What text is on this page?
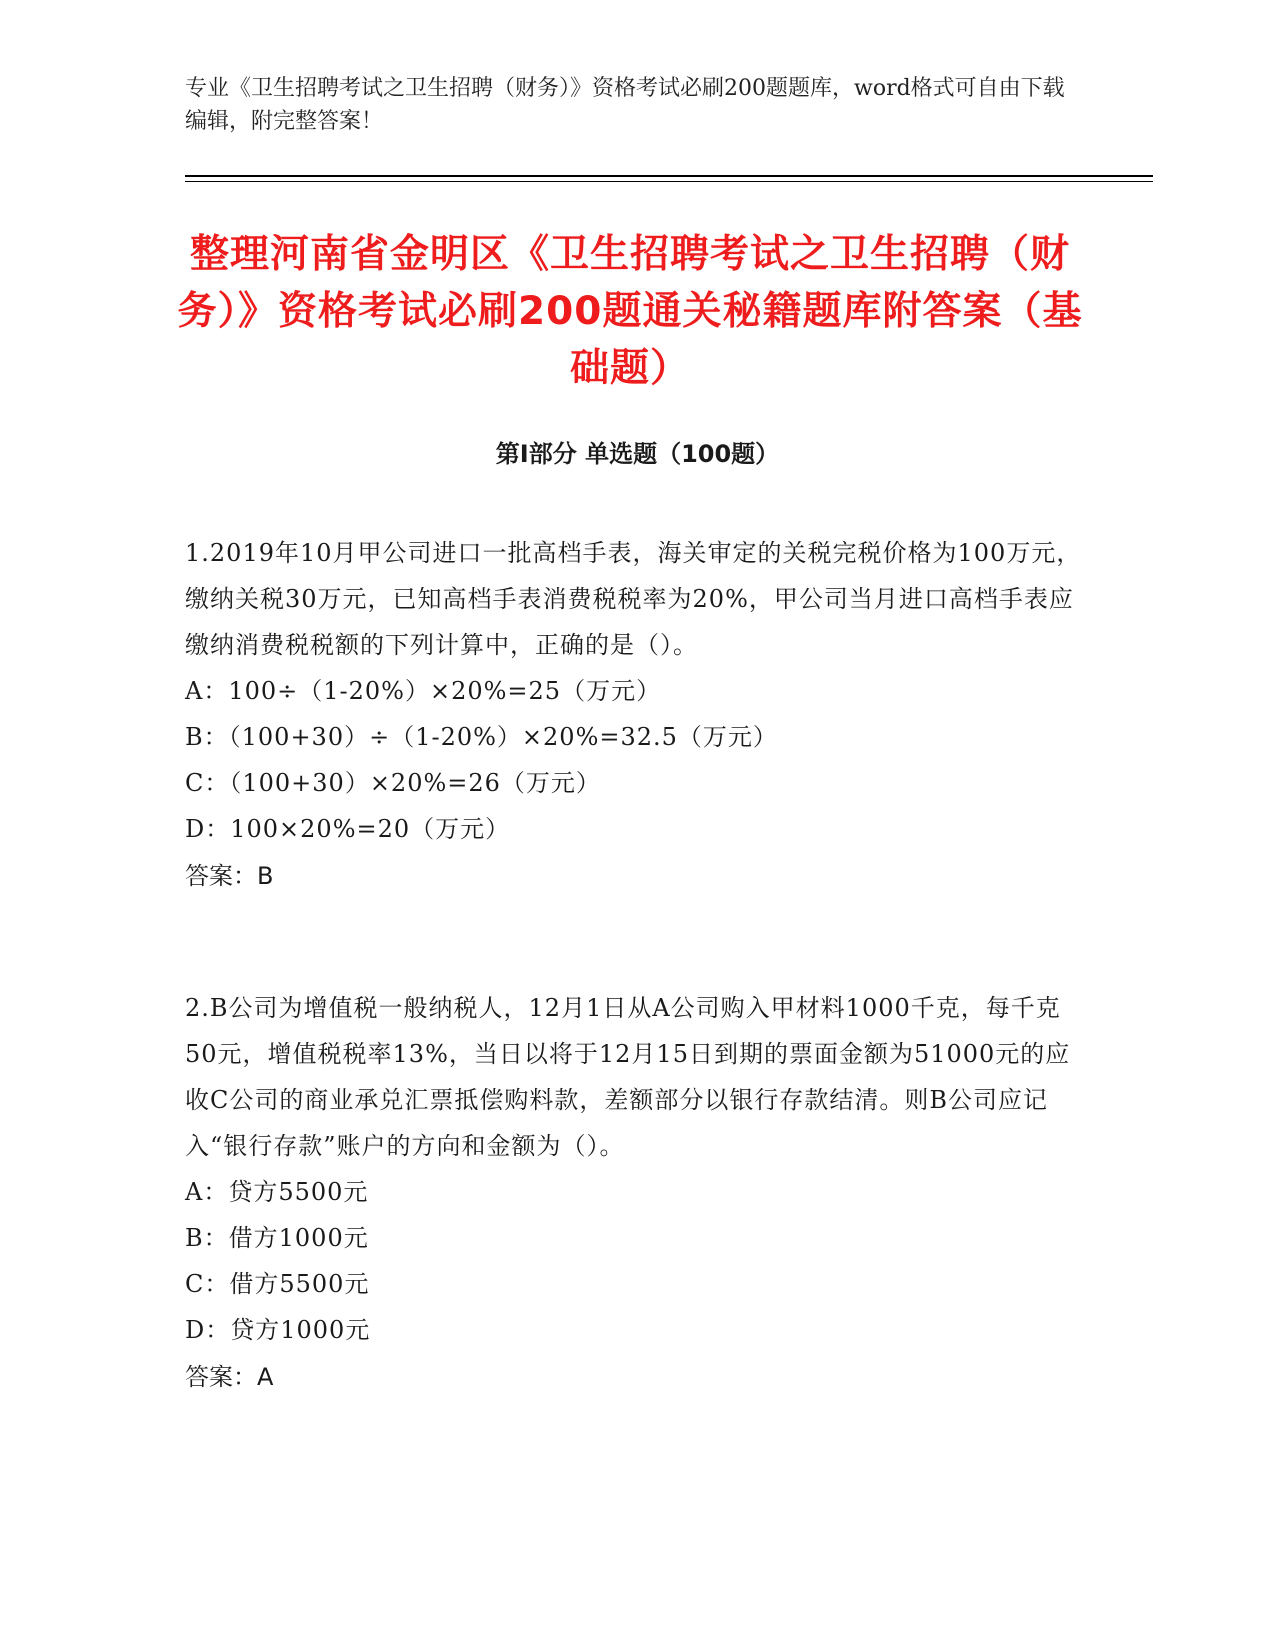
专业《卫生招聘考试之卫生招聘（财务）》资格考试必刷200题题库，word格式可自由下载编辑，附完整答案！
整理河南省金明区《卫生招聘考试之卫生招聘（财务）》资格考试必刷200题通关秘籍题库附答案（基础题）
第I部分 单选题（100题）

1.2019年10月甲公司进口一批高档手表，海关审定的关税完税价格为100万元，缴纳关税30万元，已知高档手表消费税税率为20%，甲公司当月进口高档手表应缴纳消费税税额的下列计算中，正确的是（）。

A：100÷（1-20%）×20%=25（万元）
B：（100+30）÷（1-20%）×20%=32.5（万元）
C：（100+30）×20%=26（万元）
D：100×20%=20（万元）
答案：B

2.B公司为增值税一般纳税人，12月1日从A公司购入甲材料1000千克，每千克50元，增值税税率13%，当日以将于12月15日到期的票面金额为51000元的应收C公司的商业承兑汇票抵偿购料款，差额部分以银行存款结清。则B公司应记入“银行存款”账户的方向和金额为（）。

A：贷方5500元
B：借方1000元
C：借方5500元
D：贷方1000元
答案：A
